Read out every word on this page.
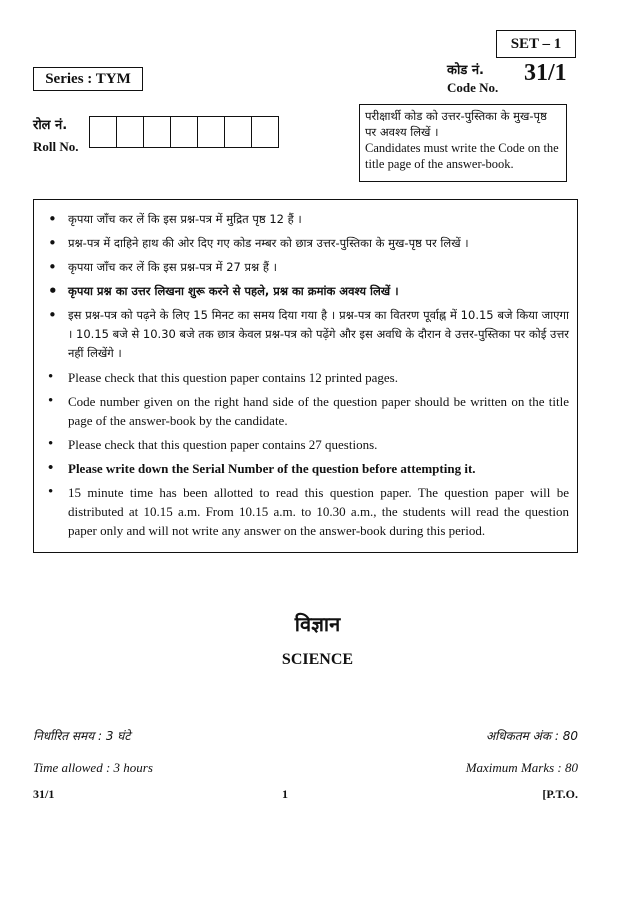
SET – 1
Series : TYM
कोड नं.
Code No.
31/1
रोल नं.
Roll No.
परीक्षार्थी कोड को उत्तर-पुस्तिका के मुख-पृष्ठ पर अवश्य लिखें ।
Candidates must write the Code on the title page of the answer-book.
• कृपया जाँच कर लें कि इस प्रश्न-पत्र में मुद्रित पृष्ठ 12 हैं ।
• प्रश्न-पत्र में दाहिने हाथ की ओर दिए गए कोड नम्बर को छात्र उत्तर-पुस्तिका के मुख-पृष्ठ पर लिखें ।
• कृपया जाँच कर लें कि इस प्रश्न-पत्र में 27 प्रश्न हैं ।
• कृपया प्रश्न का उत्तर लिखना शुरू करने से पहले, प्रश्न का क्रमांक अवश्य लिखें ।
• इस प्रश्न-पत्र को पढ़ने के लिए 15 मिनट का समय दिया गया है । प्रश्न-पत्र का वितरण पूर्वाह्न में 10.15 बजे किया जाएगा । 10.15 बजे से 10.30 बजे तक छात्र केवल प्रश्न-पत्र को पढ़ेंगे और इस अवधि के दौरान वे उत्तर-पुस्तिका पर कोई उत्तर नहीं लिखेंगे ।
• Please check that this question paper contains 12 printed pages.
• Code number given on the right hand side of the question paper should be written on the title page of the answer-book by the candidate.
• Please check that this question paper contains 27 questions.
• Please write down the Serial Number of the question before attempting it.
• 15 minute time has been allotted to read this question paper. The question paper will be distributed at 10.15 a.m. From 10.15 a.m. to 10.30 a.m., the students will read the question paper only and will not write any answer on the answer-book during this period.
विज्ञान
SCIENCE
निर्धारित समय : 3 घंटे	अधिकतम अंक : 80
Time allowed : 3 hours	Maximum Marks : 80
31/1	1	[P.T.O.
